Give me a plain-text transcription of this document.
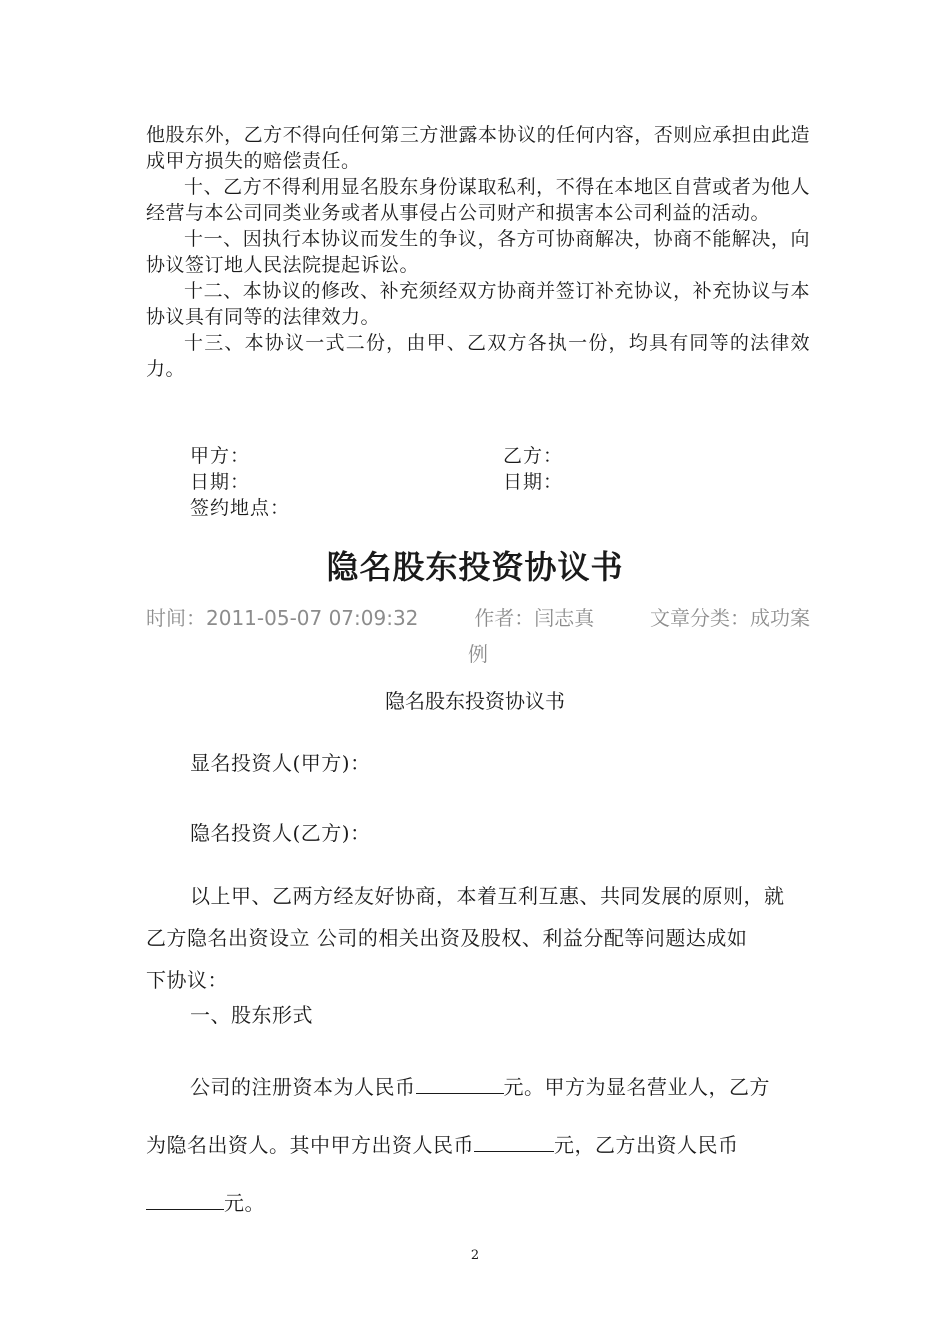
他股东外，乙方不得向任何第三方泄露本协议的任何内容，否则应承担由此造成甲方损失的赔偿责任。

十、乙方不得利用显名股东身份谋取私利，不得在本地区自营或者为他人经营与本公司同类业务或者从事侵占公司财产和损害本公司利益的活动。

十一、因执行本协议而发生的争议，各方可协商解决，协商不能解决，向协议签订地人民法院提起诉讼。

十二、本协议的修改、补充须经双方协商并签订补充协议，补充协议与本协议具有同等的法律效力。

十三、本协议一式二份，由甲、乙双方各执一份，均具有同等的法律效力。

甲方：	乙方：
日期：	日期：
签约地点：
隐名股东投资协议书
时间：2011-05-07 07:09:32	作者：闫志真	文章分类：成功案
例
隐名股东投资协议书
显名投资人(甲方)：
隐名投资人(乙方)：
以上甲、乙两方经友好协商，本着互利互惠、共同发展的原则，就
乙方隐名出资设立 公司的相关出资及股权、利益分配等问题达成如
下协议：
一、股东形式
公司的注册资本为人民币	元。甲方为显名营业人，乙方
为隐名出资人。其中甲方出资人民币	元，乙方出资人民币
元。
2
